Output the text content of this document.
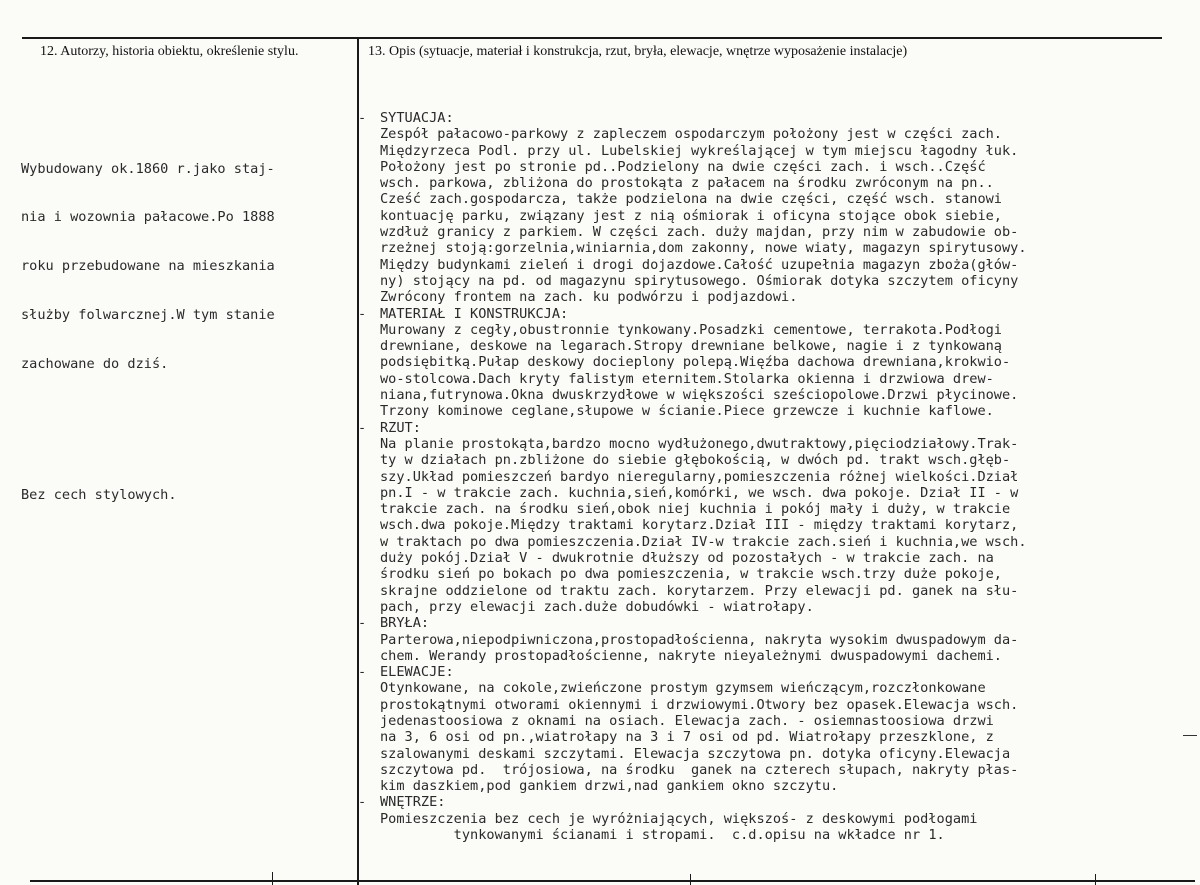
12. Autorzy, historia obiektu, określenie stylu.	13. Opis (sytuacje, materiał i konstrukcja, rzut, bryła, elewacje, wnętrze wyposażenie instalacje)

Wybudowany ok.1860 r.jako staj-

nia i wozownia pałacowe.Po 1888

roku przebudowane na mieszkania

służby folwarcznej.W tym stanie

zachowane do dziś.

Bez cech stylowych.

- SYTUACJA:
Zespół pałacowo-parkowy z zapleczem ospodarczym położony jest w części zach.
Międzyrzeca Podl. przy ul. Lubelskiej wykreślającej w tym miejscu łagodny łuk.
Położony jest po stronie pd..Podzielony na dwie części zach. i wsch..Część
wsch. parkowa, zbliżona do prostokąta z pałacem na środku zwróconym na pn..
Cześć zach.gospodarcza, także podzielona na dwie części, część wsch. stanowi
kontuację parku, związany jest z nią ośmiorak i oficyna stojące obok siebie,
wzdłuż granicy z parkiem. W części zach. duży majdan, przy nim w zabudowie ob-
rzeżnej stoją:gorzelnia,winiarnia,dom zakonny, nowe wiaty, magazyn spirytusowy.
Między budynkami zieleń i drogi dojazdowe.Całość uzupełnia magazyn zboża(głów-
ny) stojący na pd. od magazynu spirytusowego. Ośmiorak dotyka szczytem oficyny
Zwrócony frontem na zach. ku podwórzu i podjazdowi.
- MATERIAŁ I KONSTRUKCJA:
Murowany z cegły,obustronnie tynkowany.Posadzki cementowe, terrakota.Podłogi
drewniane, deskowe na legarach.Stropy drewniane belkowe, nagie i z tynkowaną
podsiębitką.Pułap deskowy docieplony polepą.Więźba dachowa drewniana,krokwio-
wo-stolcowa.Dach kryty falistym eternitem.Stolarka okienna i drzwiowa drew-
niana,futrynowa.Okna dwuskrzydłowe w większości sześciopolowe.Drzwi płycinowe.
Trzony kominowe ceglane,słupowe w ścianie.Piece grzewcze i kuchnie kaflowe.
- RZUT:
Na planie prostokąta,bardzo mocno wydłużonego,dwutraktowy,pięciodziałowy.Trak-
ty w działach pn.zbliżone do siebie głębokością, w dwóch pd. trakt wsch.głęb-
szy.Układ pomieszczeń bardyo nieregularny,pomieszczenia różnej wielkości.Dział
pn.I - w trakcie zach. kuchnia,sień,komórki, we wsch. dwa pokoje. Dział II - w
trakcie zach. na środku sień,obok niej kuchnia i pokój mały i duży, w trakcie
wsch.dwa pokoje.Między traktami korytarz.Dział III - między traktami korytarz,
w traktach po dwa pomieszczenia.Dział IV-w trakcie zach.sień i kuchnia,we wsch.
duży pokój.Dział V - dwukrotnie dłuższy od pozostałych - w trakcie zach. na
środku sień po bokach po dwa pomieszczenia, w trakcie wsch.trzy duże pokoje,
skrajne oddzielone od traktu zach. korytarzem. Przy elewacji pd. ganek na słu-
pach, przy elewacji zach.duże dobudówki - wiatrołapy.
- BRYŁA:
Parterowa,niepodpiwniczona,prostopadłościenna, nakryta wysokim dwuspadowym da-
chem. Werandy prostopadłościenne, nakryte nieyależnymi dwuspadowymi dachemi.
- ELEWACJE:
Otynkowane, na cokole,zwieńczone prostym gzymsem wieńczącym,rozczłonkowane
prostokątnymi otworami okiennymi i drzwiowymi.Otwory bez opasek.Elewacja wsch.
jedenastoosiowa z oknami na osiach. Elewacja zach. - osiemnastoosiowa drzwi
na 3, 6 osi od pn.,wiatrołapy na 3 i 7 osi od pd. Wiatrołapy przeszklone, z
szalowanymi deskami szczytami. Elewacja szczytowa pn. dotyka oficyny.Elewacja
szczytowa pd.  trójosiowa, na środku  ganek na czterech słupach, nakryty płas-
kim daszkiem,pod gankiem drzwi,nad gankiem okno szczytu.
- WNĘTRZE:
Pomieszczenia bez cech je wyróżniających, większoś- z deskowymi podłogami
tynkowanymi ścianami i stropami.  c.d.opisu na wkładce nr 1.
